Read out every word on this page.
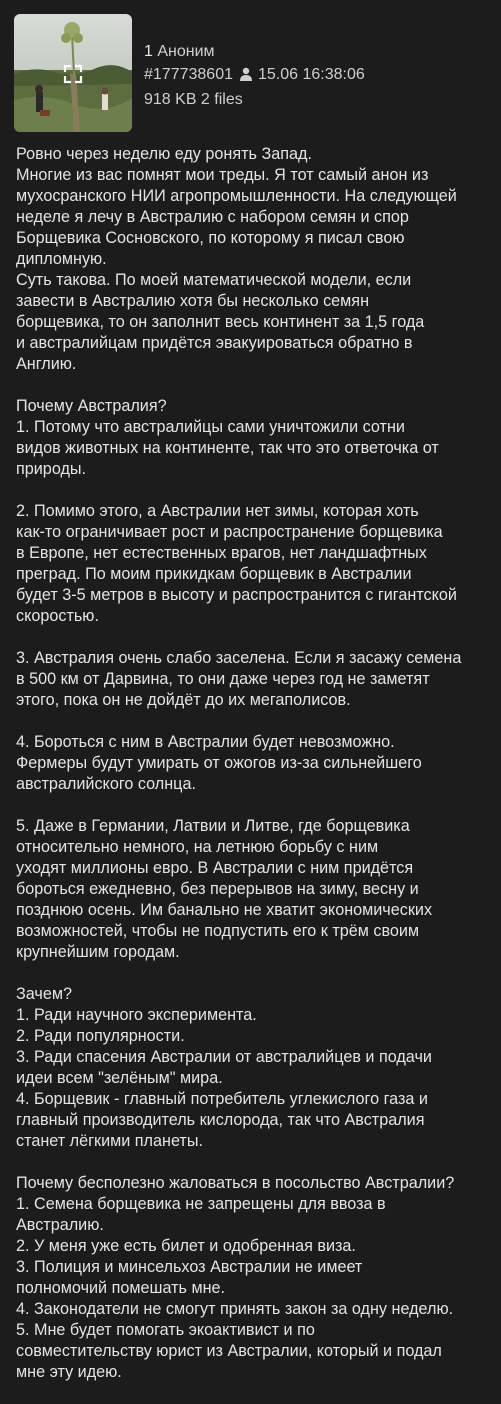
1 Аноним
#177738601 15.06 16:38:06
918 KB 2 files
Ровно через неделю еду ронять Запад.
Многие из вас помнят мои треды. Я тот самый анон из
мухосранского НИИ агропромышленности. На следующей
неделе я лечу в Австралию с набором семян и спор
Борщевика Сосновского, по которому я писал свою
дипломную.
Суть такова. По моей математической модели, если
завести в Австралию хотя бы несколько семян
борщевика, то он заполнит весь континент за 1,5 года
и австралийцам придётся эвакуироваться обратно в
Англию.
Почему Австралия?
1. Потому что австралийцы сами уничтожили сотни
видов животных на континенте, так что это ответочка от
природы.
2. Помимо этого, а Австралии нет зимы, которая хоть
как-то ограничивает рост и распространение борщевика
в Европе, нет естественных врагов, нет ландшафтных
преград. По моим прикидкам борщевик в Австралии
будет 3-5 метров в высоту и распространится с гигантской
скоростью.
3. Австралия очень слабо заселена. Если я засажу семена
в 500 км от Дарвина, то они даже через год не заметят
этого, пока он не дойдёт до их мегаполисов.
4. Бороться с ним в Австралии будет невозможно.
Фермеры будут умирать от ожогов из-за сильнейшего
австралийского солнца.
5. Даже в Германии, Латвии и Литве, где борщевика
относительно немного, на летнюю борьбу с ним
уходят миллионы евро. В Австралии с ним придётся
бороться ежедневно, без перерывов на зиму, весну и
позднюю осень. Им банально не хватит экономических
возможностей, чтобы не подпустить его к трём своим
крупнейшим городам.
Зачем?
1. Ради научного эксперимента.
2. Ради популярности.
3. Ради спасения Австралии от австралийцев и подачи
идеи всем "зелёным" мира.
4. Борщевик - главный потребитель углекислого газа и
главный производитель кислорода, так что Австралия
станет лёгкими планеты.
Почему бесполезно жаловаться в посольство Австралии?
1. Семена борщевика не запрещены для ввоза в
Австралию.
2. У меня уже есть билет и одобренная виза.
3. Полиция и минсельхоз Австралии не имеет
полномочий помешать мне.
4. Законодатели не смогут принять закон за одну неделю.
5. Мне будет помогать экоактивист и по
совместительству юрист из Австралии, который и подал
мне эту идею.
